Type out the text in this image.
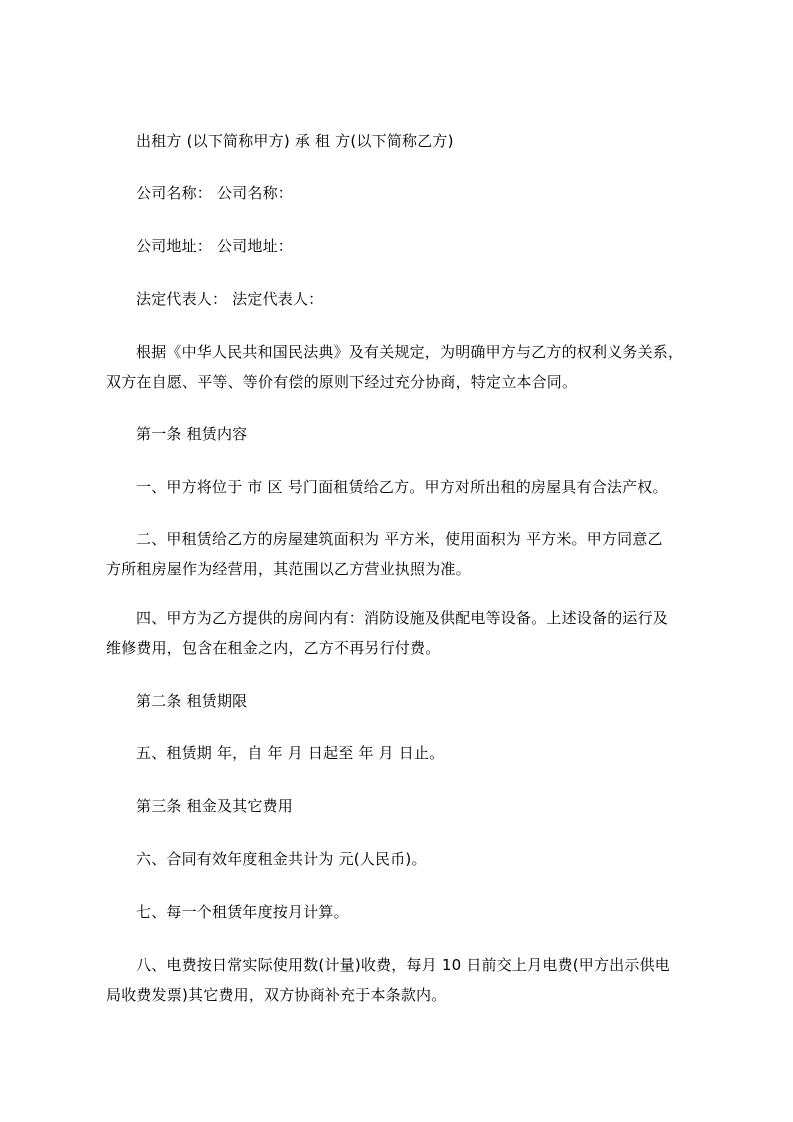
出租方 (以下简称甲方) 承 租 方(以下简称乙方)
公司名称： 公司名称：
公司地址： 公司地址：
法定代表人： 法定代表人：
根据《中华人民共和国民法典》及有关规定，为明确甲方与乙方的权利义务关系，
双方在自愿、平等、等价有偿的原则下经过充分协商，特定立本合同。
第一条 租赁内容
一、甲方将位于 市 区 号门面租赁给乙方。甲方对所出租的房屋具有合法产权。
二、甲租赁给乙方的房屋建筑面积为 平方米，使用面积为 平方米。甲方同意乙
方所租房屋作为经营用，其范围以乙方营业执照为准。
四、甲方为乙方提供的房间内有：消防设施及供配电等设备。上述设备的运行及
维修费用，包含在租金之内，乙方不再另行付费。
第二条 租赁期限
五、租赁期 年，自 年 月 日起至 年 月 日止。
第三条 租金及其它费用
六、合同有效年度租金共计为 元(人民币)。
七、每一个租赁年度按月计算。
八、电费按日常实际使用数(计量)收费，每月 10 日前交上月电费(甲方出示供电
局收费发票)其它费用，双方协商补充于本条款内。
